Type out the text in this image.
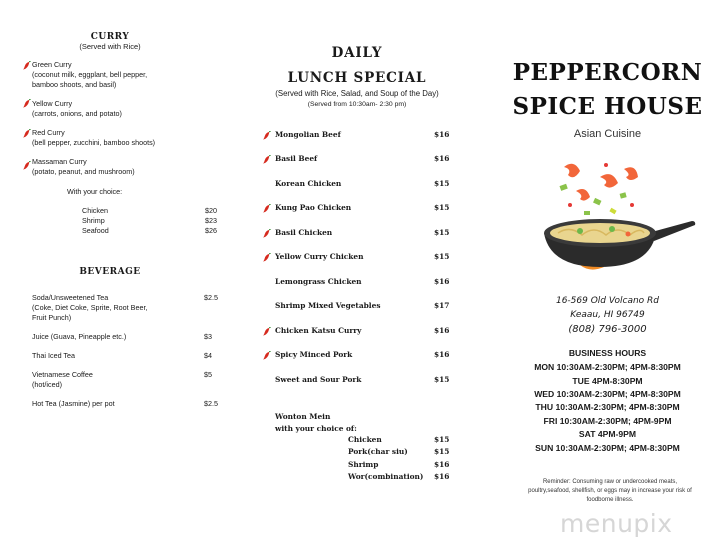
CURRY
(Served with Rice)
Green Curry
(coconut milk, eggplant, bell pepper,
bamboo shoots, and basil)
Yellow Curry
(carrots, onions, and potato)
Red Curry
(bell pepper, zucchini, bamboo shoots)
Massaman Curry
(potato, peanut, and mushroom)
With your choice:
Chicken	$20
Shrimp	$23
Seafood	$26
BEVERAGE
Soda/Unsweetened Tea
(Coke, Diet Coke, Sprite, Root Beer,
Fruit Punch)
$2.5
Juice (Guava, Pineapple etc.)	$3
Thai Iced Tea	$4
Vietnamese Coffee
(hot/iced)
$5
Hot Tea (Jasmine) per pot	$2.5
DAILY
LUNCH SPECIAL
(Served with Rice, Salad, and Soup of the Day)
(Served from 10:30am- 2:30 pm)
Mongolian Beef	$16
Basil Beef	$16
Korean Chicken	$15
Kung Pao Chicken	$15
Basil Chicken	$15
Yellow Curry Chicken	$15
Lemongrass Chicken	$16
Shrimp Mixed Vegetables	$17
Chicken Katsu Curry	$16
Spicy Minced Pork	$16
Sweet and Sour Pork	$15
Wonton Mein
with your choice of:
Chicken	$15
Pork(char siu)	$15
Shrimp	$16
Wor(combination) $16
PEPPERCORN
SPICE HOUSE
Asian Cuisine
16-569 Old Volcano Rd
Keaau, HI 96749
(808) 796-3000
BUSINESS HOURS
MON 10:30AM-2:30PM; 4PM-8:30PM
TUE 4PM-8:30PM
WED 10:30AM-2:30PM; 4PM-8:30PM
THU 10:30AM-2:30PM; 4PM-8:30PM
FRI 10:30AM-2:30PM; 4PM-9PM
SAT 4PM-9PM
SUN 10:30AM-2:30PM; 4PM-8:30PM
Reminder: Consuming raw or undercooked meats, poultry,seafood, shellfish, or eggs may in increase your risk of foodborne illness.
menupix
